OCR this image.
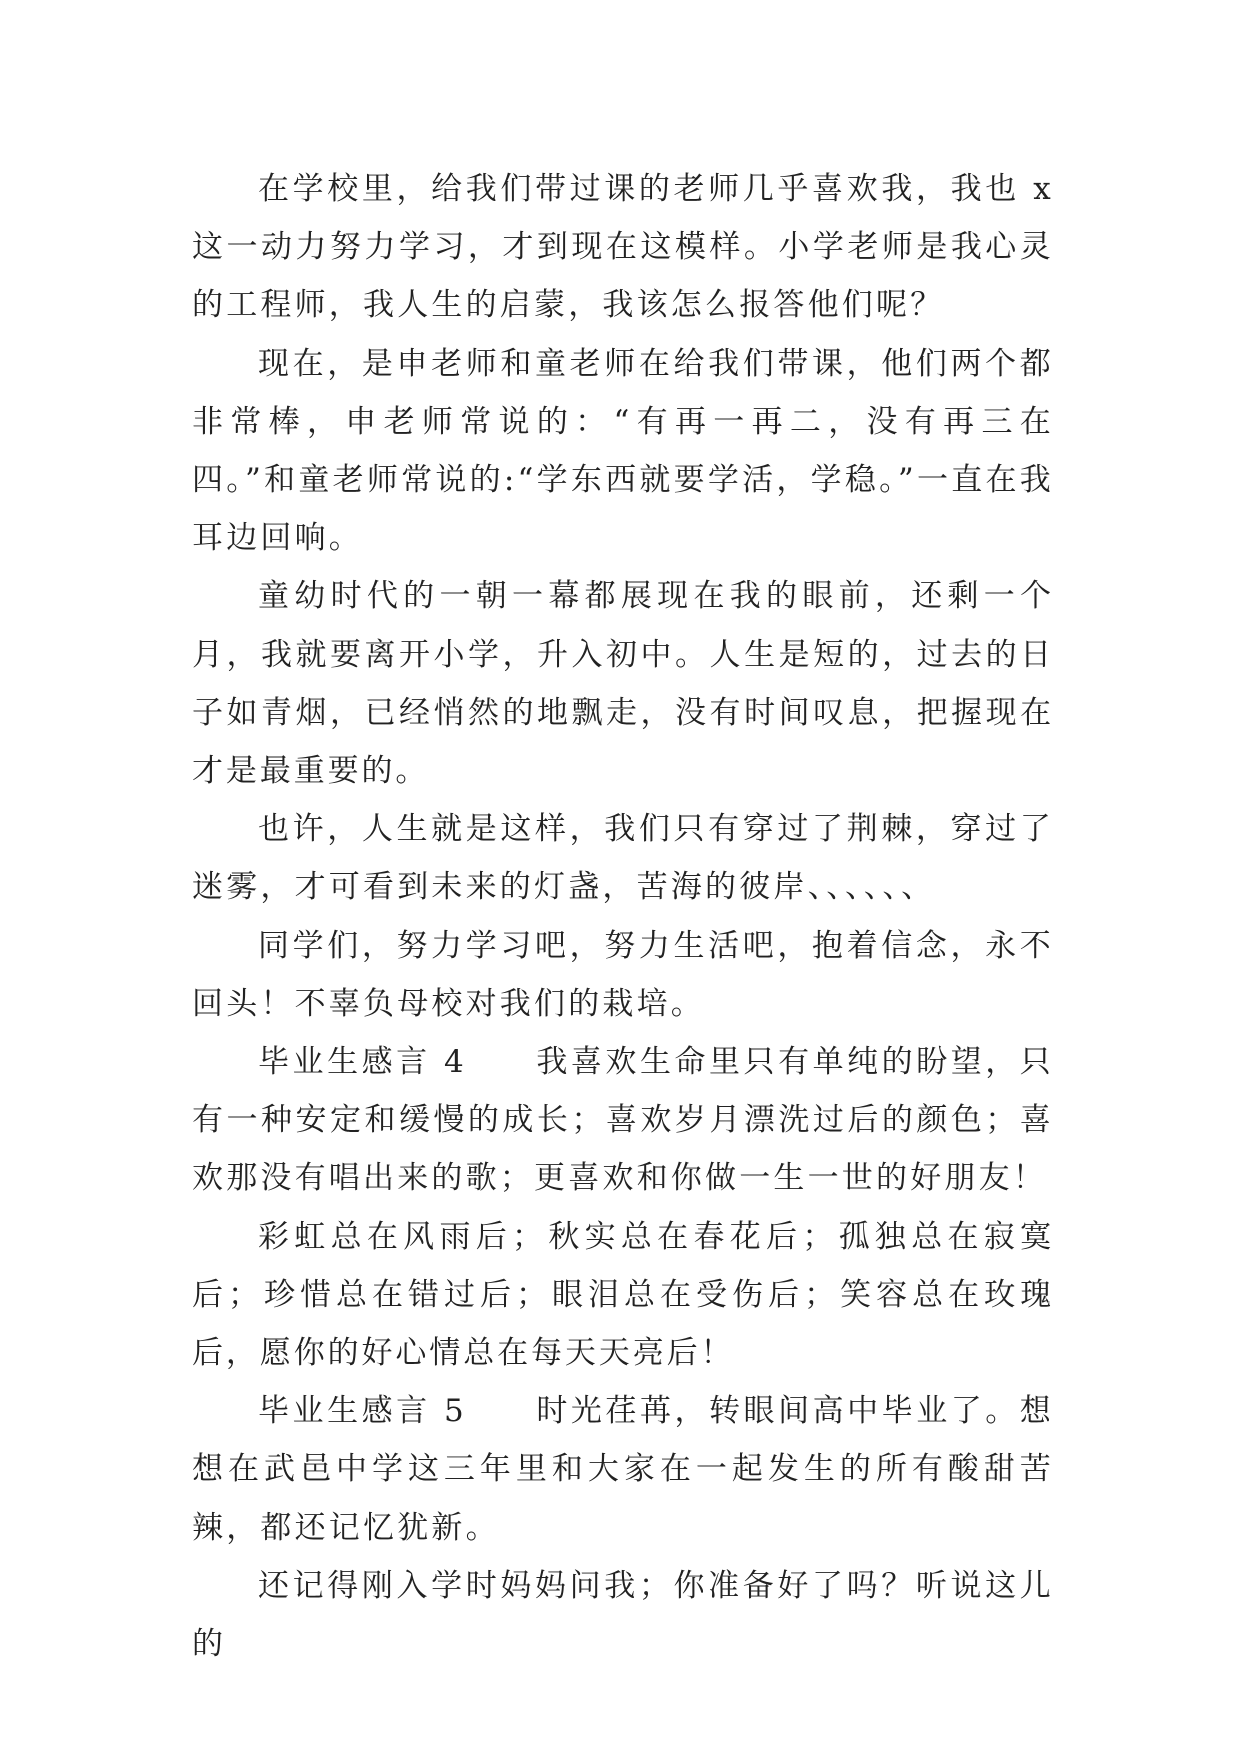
在学校里，给我们带过课的老师几乎喜欢我，我也 x 这一动力努力学习，才到现在这模样。小学老师是我心灵的工程师，我人生的启蒙，我该怎么报答他们呢？

现在，是申老师和童老师在给我们带课，他们两个都非常棒，申老师常说的：“有再一再二，没有再三在四。”和童老师常说的:“学东西就要学活，学稳。”一直在我耳边回响。

童幼时代的一朝一幕都展现在我的眼前，还剩一个月，我就要离开小学，升入初中。人生是短的，过去的日子如青烟，已经悄然的地飘走，没有时间叹息，把握现在才是最重要的。

也许，人生就是这样，我们只有穿过了荆棘，穿过了迷雾，才可看到未来的灯盏，苦海的彼岸、、、、、、

同学们，努力学习吧，努力生活吧，抱着信念，永不回头！不辜负母校对我们的栽培。

毕业生感言 4　　我喜欢生命里只有单纯的盼望，只有一种安定和缓慢的成长；喜欢岁月漂洗过后的颜色；喜欢那没有唱出来的歌；更喜欢和你做一生一世的好朋友！

彩虹总在风雨后；秋实总在春花后；孤独总在寂寞后；珍惜总在错过后；眼泪总在受伤后；笑容总在玫瑰后，愿你的好心情总在每天天亮后！

毕业生感言 5　　时光荏苒，转眼间高中毕业了。想想在武邑中学这三年里和大家在一起发生的所有酸甜苦辣，都还记忆犹新。

还记得刚入学时妈妈问我；你准备好了吗？听说这儿的
